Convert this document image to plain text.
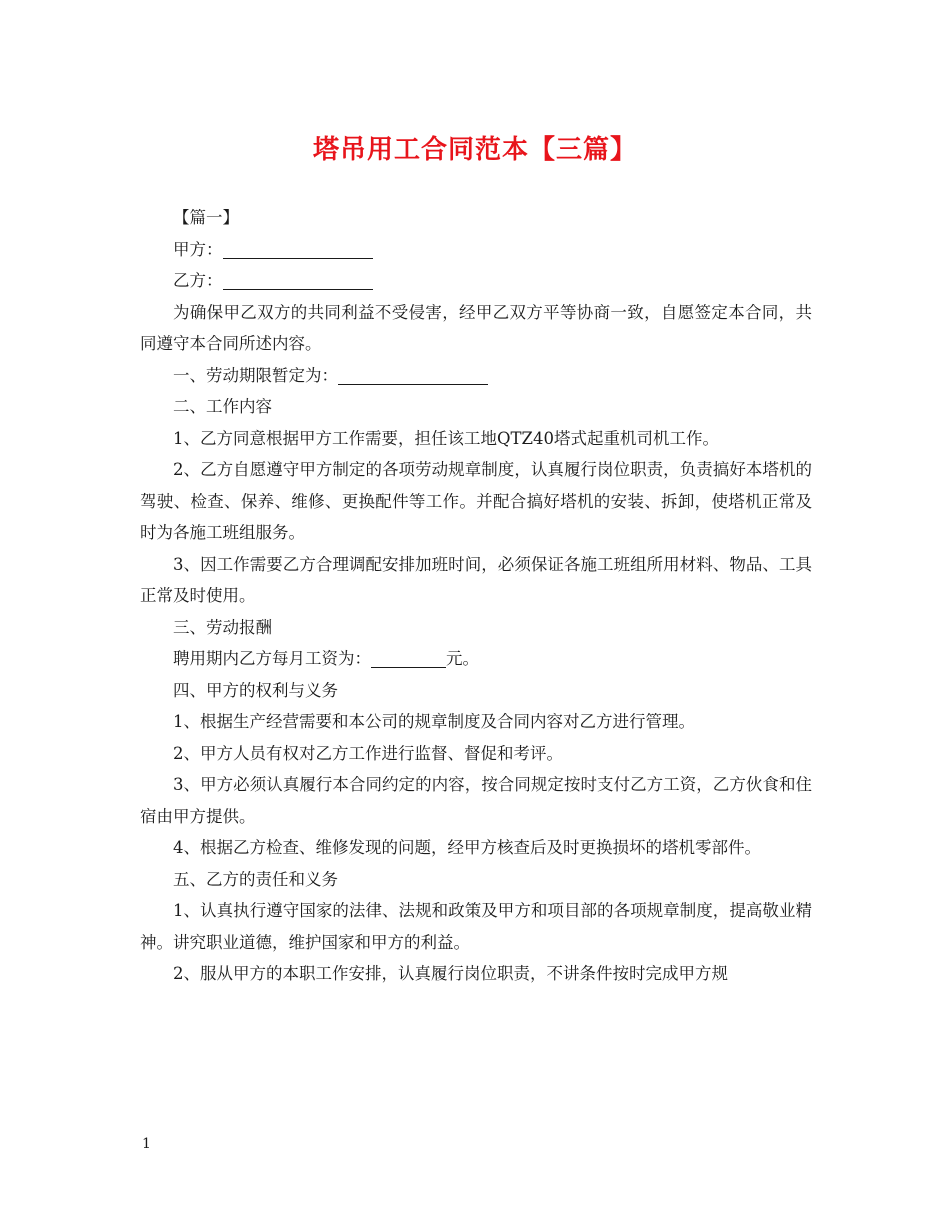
塔吊用工合同范本【三篇】

【篇一】

甲方：

乙方：

为确保甲乙双方的共同利益不受侵害，经甲乙双方平等协商一致，自愿签定本合同，共同遵守本合同所述内容。

一、劳动期限暂定为：

二、工作内容

1、乙方同意根据甲方工作需要，担任该工地QTZ40塔式起重机司机工作。

2、乙方自愿遵守甲方制定的各项劳动规章制度，认真履行岗位职责，负责搞好本塔机的驾驶、检查、保养、维修、更换配件等工作。并配合搞好塔机的安装、拆卸，使塔机正常及时为各施工班组服务。

3、因工作需要乙方合理调配安排加班时间，必须保证各施工班组所用材料、物品、工具正常及时使用。

三、劳动报酬

聘用期内乙方每月工资为：	元。

四、甲方的权利与义务

1、根据生产经营需要和本公司的规章制度及合同内容对乙方进行管理。

2、甲方人员有权对乙方工作进行监督、督促和考评。

3、甲方必须认真履行本合同约定的内容，按合同规定按时支付乙方工资，乙方伙食和住宿由甲方提供。

4、根据乙方检查、维修发现的问题，经甲方核查后及时更换损坏的塔机零部件。

五、乙方的责任和义务

1、认真执行遵守国家的法律、法规和政策及甲方和项目部的各项规章制度，提高敬业精神。讲究职业道德，维护国家和甲方的利益。

2、服从甲方的本职工作安排，认真履行岗位职责，不讲条件按时完成甲方规

1
